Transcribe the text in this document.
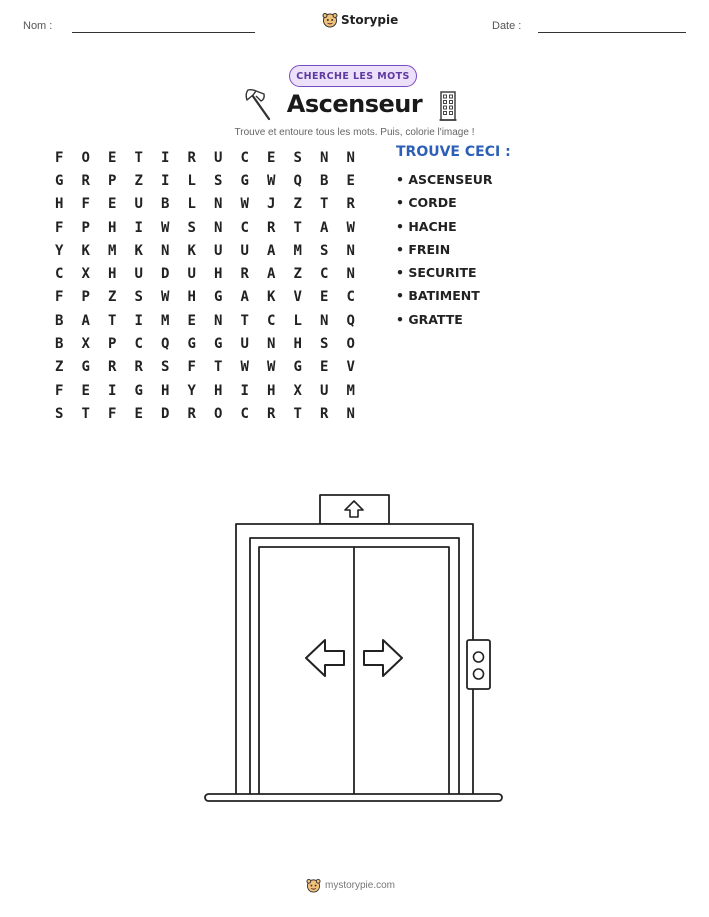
Nom :	Storypie	Date :
CHERCHE LES MOTS
Ascenseur
Trouve et entoure tous les mots. Puis, colorie l'image !
F	O	E	T	I	R	U	C	E	S	N	N
G	R	P	Z	I	L	S	G	W	Q	B	E
H	F	E	U	B	L	N	W	J	Z	T	R
F	P	H	I	W	S	N	C	R	T	A	W
Y	K	M	K	N	K	U	U	A	M	S	N
C	X	H	U	D	U	H	R	A	Z	C	N
F	P	Z	S	W	H	G	A	K	V	E	C
B	A	T	I	M	E	N	T	C	L	N	Q
B	X	P	C	Q	G	G	U	N	H	S	O
Z	G	R	R	S	F	T	W	W	G	E	V
F	E	I	G	H	Y	H	I	H	X	U	M
S	T	F	E	D	R	O	C	R	T	R	N
TROUVE CECI :
• ASCENSEUR
• CORDE
• HACHE
• FREIN
• SECURITE
• BATIMENT
• GRATTE
mystorypie.com
